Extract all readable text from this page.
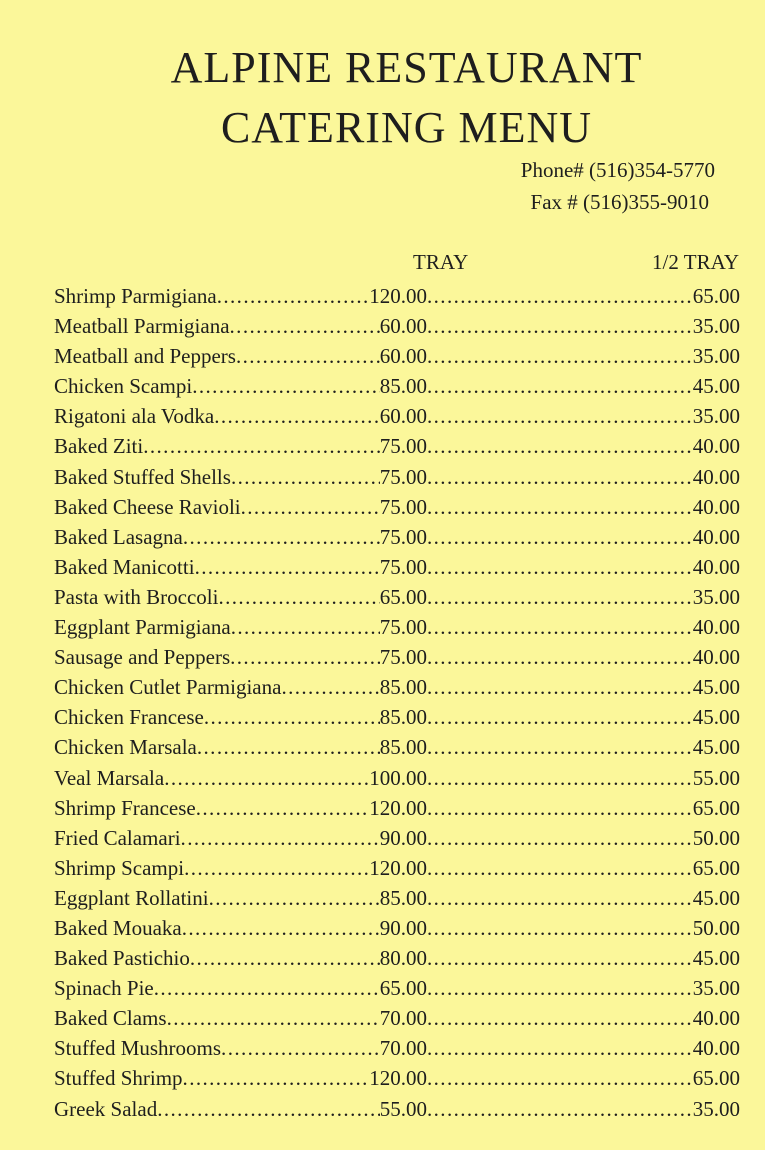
ALPINE RESTAURANT
CATERING MENU
Phone# (516)354-5770
Fax # (516)355-9010
TRAY	1/2 TRAY
Shrimp Parmigiana .....	120.00 .....	65.00
Meatball Parmigiana .....	60.00 .....	35.00
Meatball and Peppers .....	60.00 .....	35.00
Chicken Scampi .....	85.00 .....	45.00
Rigatoni ala Vodka .....	60.00 .....	35.00
Baked Ziti .....	75.00 .....	40.00
Baked Stuffed Shells .....	75.00 .....	40.00
Baked Cheese Ravioli .....	75.00 .....	40.00
Baked Lasagna .....	75.00 .....	40.00
Baked Manicotti .....	75.00 .....	40.00
Pasta with Broccoli .....	65.00 .....	35.00
Eggplant Parmigiana .....	75.00 .....	40.00
Sausage and Peppers .....	75.00 .....	40.00
Chicken Cutlet Parmigiana .....	85.00 .....	45.00
Chicken Francese .....	85.00 .....	45.00
Chicken Marsala .....	85.00 .....	45.00
Veal Marsala .....	100.00 .....	55.00
Shrimp Francese .....	120.00 .....	65.00
Fried Calamari .....	90.00 .....	50.00
Shrimp Scampi .....	120.00 .....	65.00
Eggplant Rollatini .....	85.00 .....	45.00
Baked Mouaka .....	90.00 .....	50.00
Baked Pastichio .....	80.00 .....	45.00
Spinach Pie .....	65.00 .....	35.00
Baked Clams .....	70.00 .....	40.00
Stuffed Mushrooms .....	70.00 .....	40.00
Stuffed Shrimp .....	120.00 .....	65.00
Greek Salad .....	55.00 .....	35.00
